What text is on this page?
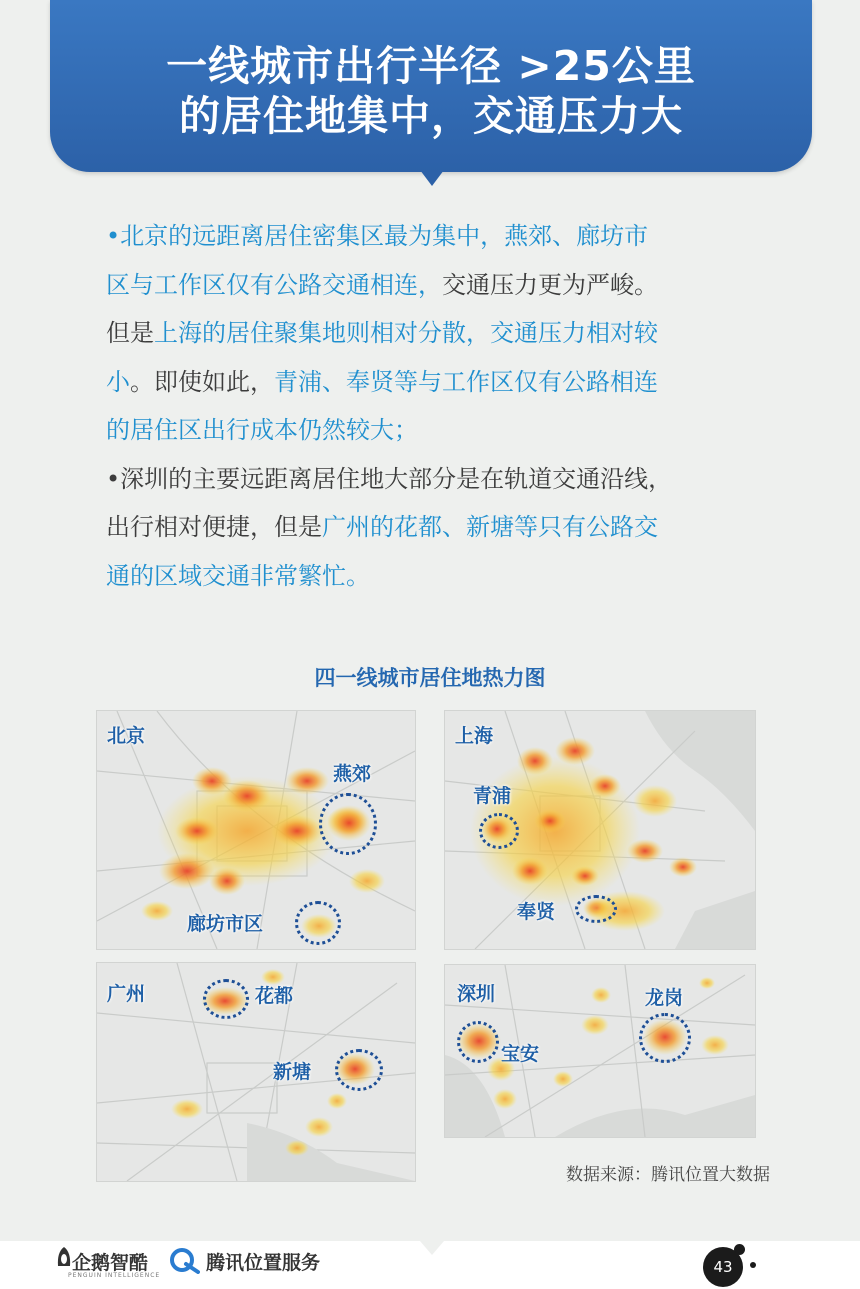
一线城市出行半径 >25公里
的居住地集中，交通压力大
•北京的远距离居住密集区最为集中，燕郊、廊坊市
区与工作区仅有公路交通相连，交通压力更为严峻。
但是上海的居住聚集地则相对分散，交通压力相对较
小。即使如此，青浦、奉贤等与工作区仅有公路相连
的居住区出行成本仍然较大；
•深圳的主要远距离居住地大部分是在轨道交通沿线，
出行相对便捷，但是广州的花都、新塘等只有公路交
通的区域交通非常繁忙。
四一线城市居住地热力图
北京
燕郊
廊坊市区
上海
青浦
奉贤
广州	花都
新塘
深圳
宝安
龙岗
数据来源：腾讯位置大数据
企鹅智酷
PENGUIN INTELLIGENCE
腾讯位置服务	43
